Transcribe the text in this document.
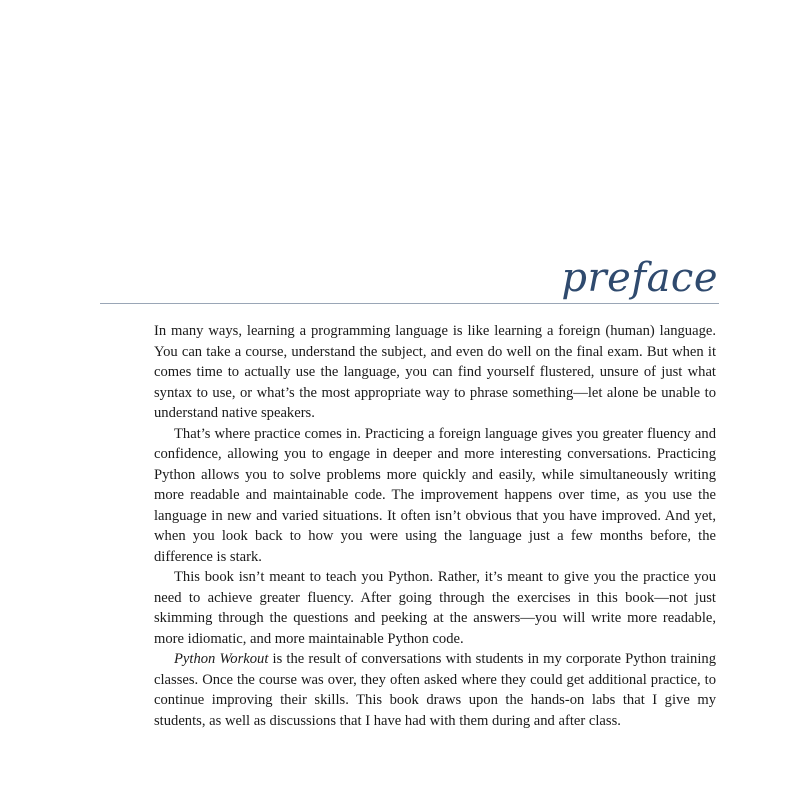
preface

In many ways, learning a programming language is like learning a foreign (human) language. You can take a course, understand the subject, and even do well on the final exam. But when it comes time to actually use the language, you can find yourself flustered, unsure of just what syntax to use, or what’s the most appropriate way to phrase something—let alone be unable to understand native speakers.

That’s where practice comes in. Practicing a foreign language gives you greater fluency and confidence, allowing you to engage in deeper and more interesting conversations. Practicing Python allows you to solve problems more quickly and easily, while simultaneously writing more readable and maintainable code. The improvement happens over time, as you use the language in new and varied situations. It often isn’t obvious that you have improved. And yet, when you look back to how you were using the language just a few months before, the difference is stark.

This book isn’t meant to teach you Python. Rather, it’s meant to give you the practice you need to achieve greater fluency. After going through the exercises in this book—not just skimming through the questions and peeking at the answers—you will write more readable, more idiomatic, and more maintainable Python code.

Python Workout is the result of conversations with students in my corporate Python training classes. Once the course was over, they often asked where they could get additional practice, to continue improving their skills. This book draws upon the hands-on labs that I give my students, as well as discussions that I have had with them during and after class.
